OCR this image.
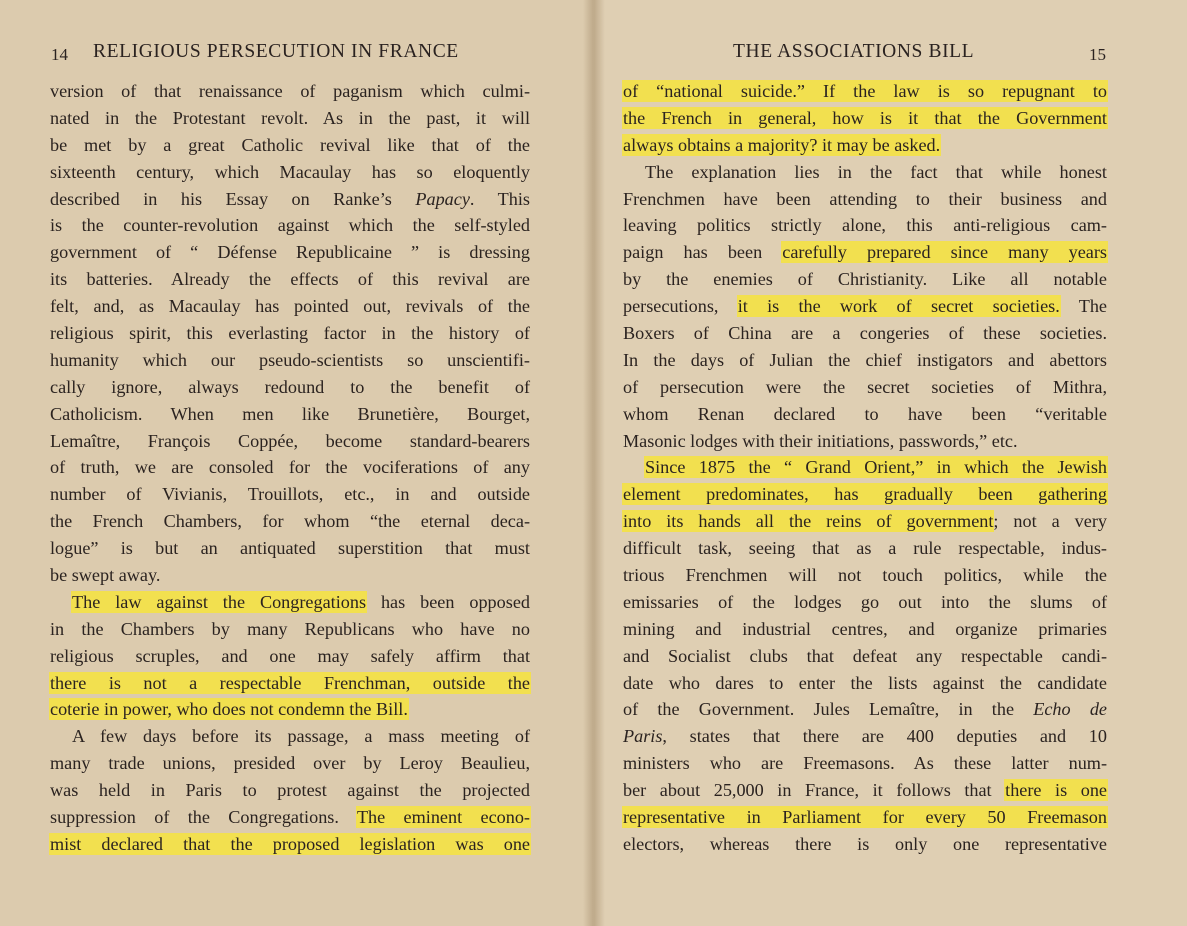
14 RELIGIOUS PERSECUTION IN FRANCE
version of that renaissance of paganism which culmi-
nated in the Protestant revolt. As in the past, it will
be met by a great Catholic revival like that of the
sixteenth century, which Macaulay has so eloquently
described in his Essay on Ranke’s Papacy. This
is the counter-revolution against which the self-styled
government of “ Défense Republicaine ” is dressing
its batteries. Already the effects of this revival are
felt, and, as Macaulay has pointed out, revivals of the
religious spirit, this everlasting factor in the history of
humanity which our pseudo-scientists so unscientifi-
cally ignore, always redound to the benefit of
Catholicism. When men like Brunetière, Bourget,
Lemaître, François Coppée, become standard-bearers
of truth, we are consoled for the vociferations of any
number of Vivianis, Trouillots, etc., in and outside
the French Chambers, for whom “the eternal deca-
logue” is but an antiquated superstition that must
be swept away.
The law against the Congregations has been opposed
in the Chambers by many Republicans who have no
religious scruples, and one may safely affirm that
there is not a respectable Frenchman, outside the
coterie in power, who does not condemn the Bill.
A few days before its passage, a mass meeting of
many trade unions, presided over by Leroy Beaulieu,
was held in Paris to protest against the projected
suppression of the Congregations. The eminent econo-
mist declared that the proposed legislation was one
THE ASSOCIATIONS BILL	15
of “national suicide.” If the law is so repugnant to
the French in general, how is it that the Government
always obtains a majority? it may be asked.
The explanation lies in the fact that while honest
Frenchmen have been attending to their business and
leaving politics strictly alone, this anti-religious cam-
paign has been carefully prepared since many years
by the enemies of Christianity. Like all notable
persecutions, it is the work of secret societies. The
Boxers of China are a congeries of these societies.
In the days of Julian the chief instigators and abettors
of persecution were the secret societies of Mithra,
whom Renan declared to have been “veritable
Masonic lodges with their initiations, passwords,” etc.
Since 1875 the “ Grand Orient,” in which the Jewish
element predominates, has gradually been gathering
into its hands all the reins of government; not a very
difficult task, seeing that as a rule respectable, indus-
trious Frenchmen will not touch politics, while the
emissaries of the lodges go out into the slums of
mining and industrial centres, and organize primaries
and Socialist clubs that defeat any respectable candi-
date who dares to enter the lists against the candidate
of the Government. Jules Lemaître, in the Echo de
Paris, states that there are 400 deputies and 10
ministers who are Freemasons. As these latter num-
ber about 25,000 in France, it follows that there is one
representative in Parliament for every 50 Freemason
electors, whereas there is only one representative
